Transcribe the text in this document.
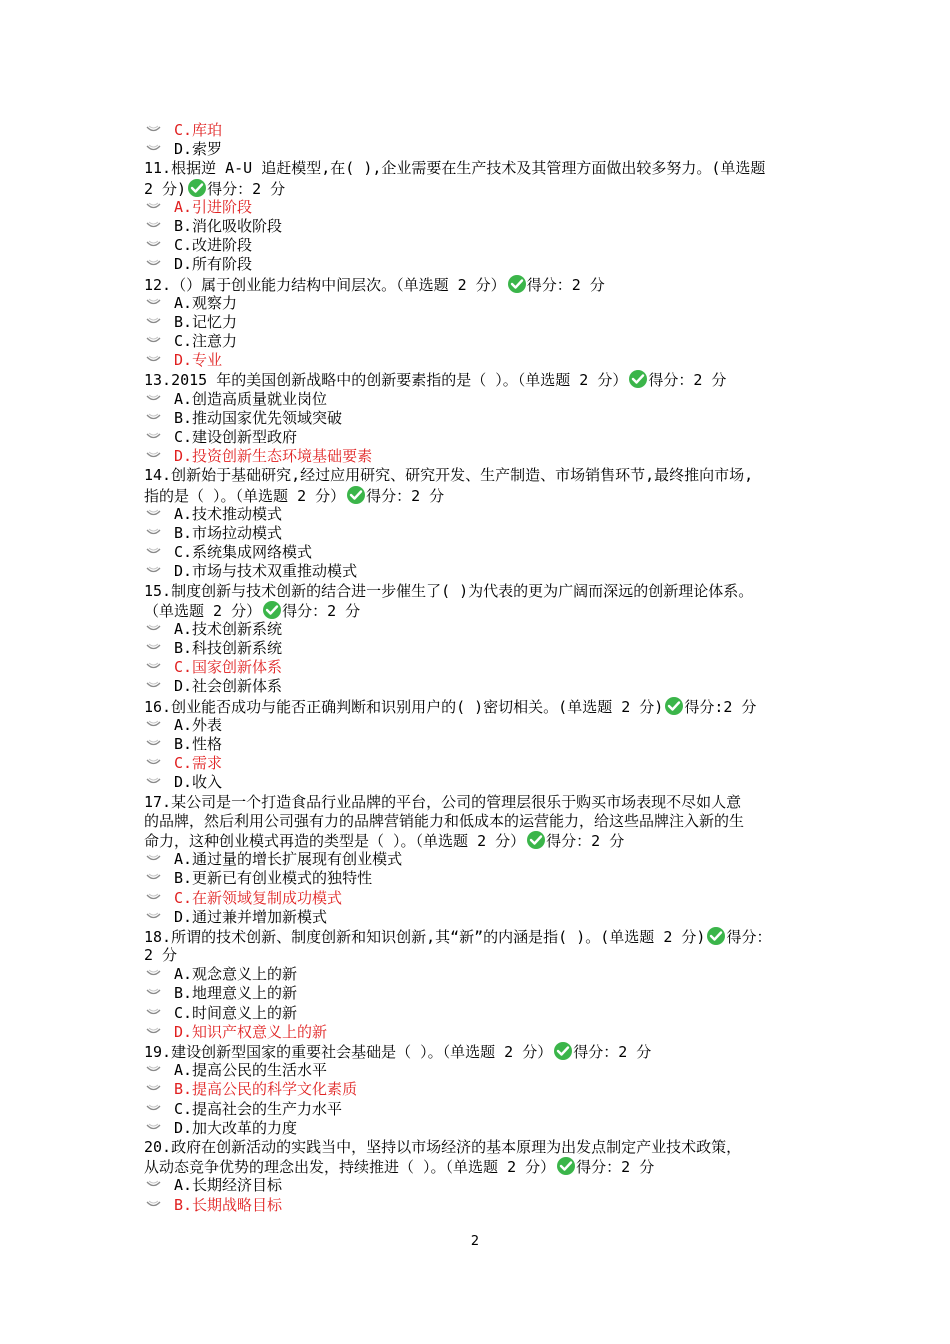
C.库珀
D.索罗
11.根据逆 A-U 追赶模型,在( ),企业需要在生产技术及其管理方面做出较多努力。(单选题
2 分) 得分：2 分
A.引进阶段
B.消化吸收阶段
C.改进阶段
D.所有阶段
12.（）属于创业能力结构中间层次。（单选题 2 分） 得分：2 分
A.观察力
B.记忆力
C.注意力
D.专业
13.2015 年的美国创新战略中的创新要素指的是（ ）。（单选题 2 分） 得分：2 分
A.创造高质量就业岗位
B.推动国家优先领域突破
C.建设创新型政府
D.投资创新生态环境基础要素
14.创新始于基础研究,经过应用研究、研究开发、生产制造、市场销售环节,最终推向市场,
指的是（ ）。（单选题 2 分） 得分：2 分
A.技术推动模式
B.市场拉动模式
C.系统集成网络模式
D.市场与技术双重推动模式
15.制度创新与技术创新的结合进一步催生了( )为代表的更为广阔而深远的创新理论体系。
（单选题 2 分） 得分：2 分
A.技术创新系统
B.科技创新系统
C.国家创新体系
D.社会创新体系
16.创业能否成功与能否正确判断和识别用户的( )密切相关。(单选题 2 分) 得分:2 分
A.外表
B.性格
C.需求
D.收入
17.某公司是一个打造食品行业品牌的平台，公司的管理层很乐于购买市场表现不尽如人意
的品牌，然后利用公司强有力的品牌营销能力和低成本的运营能力，给这些品牌注入新的生
命力，这种创业模式再造的类型是（ ）。（单选题 2 分） 得分：2 分
A.通过量的增长扩展现有创业模式
B.更新已有创业模式的独特性
C.在新领域复制成功模式
D.通过兼并增加新模式
18.所谓的技术创新、制度创新和知识创新,其“新”的内涵是指( )。(单选题 2 分) 得分：
2 分
A.观念意义上的新
B.地理意义上的新
C.时间意义上的新
D.知识产权意义上的新
19.建设创新型国家的重要社会基础是（ ）。（单选题 2 分） 得分：2 分
A.提高公民的生活水平
B.提高公民的科学文化素质
C.提高社会的生产力水平
D.加大改革的力度
20.政府在创新活动的实践当中，坚持以市场经济的基本原理为出发点制定产业技术政策，
从动态竞争优势的理念出发，持续推进（ ）。（单选题 2 分） 得分：2 分
A.长期经济目标
B.长期战略目标
2
